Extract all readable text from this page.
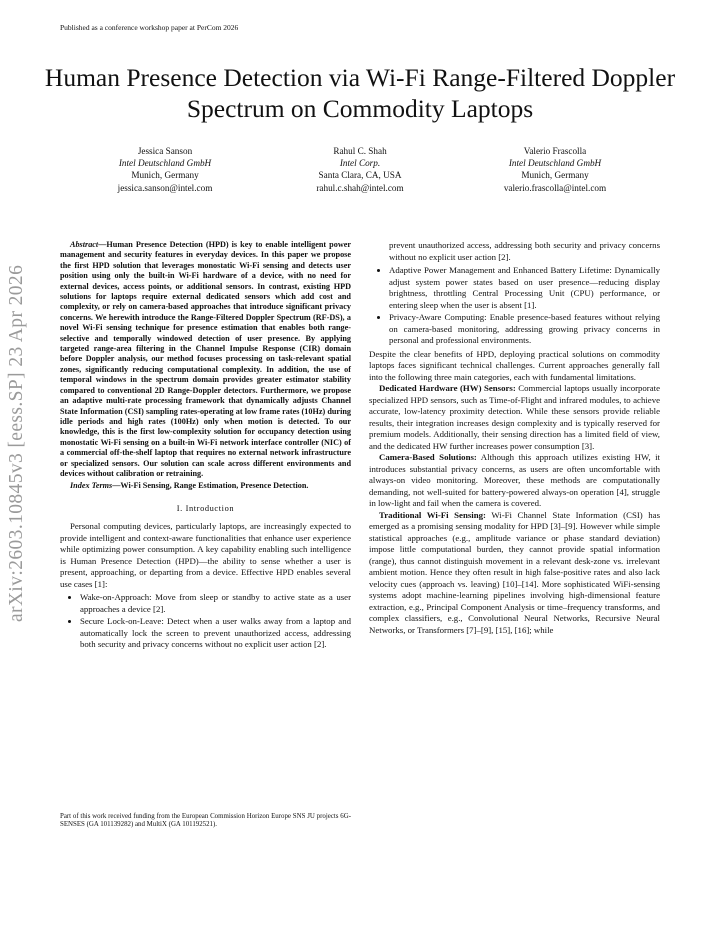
Published as a conference workshop paper at PerCom 2026
Human Presence Detection via Wi-Fi Range-Filtered Doppler Spectrum on Commodity Laptops
Jessica Sanson
Intel Deutschland GmbH
Munich, Germany
jessica.sanson@intel.com
Rahul C. Shah
Intel Corp.
Santa Clara, CA, USA
rahul.c.shah@intel.com
Valerio Frascolla
Intel Deutschland GmbH
Munich, Germany
valerio.frascolla@intel.com
arXiv:2603.10845v3 [eess.SP] 23 Apr 2026

Abstract—Human Presence Detection (HPD) is key to enable intelligent power management and security features in everyday devices. In this paper we propose the first HPD solution that leverages monostatic Wi-Fi sensing and detects user position using only the built-in Wi-Fi hardware of a device, with no need for external devices, access points, or additional sensors. In contrast, existing HPD solutions for laptops require external dedicated sensors which add cost and complexity, or rely on camera-based approaches that introduce significant privacy concerns. We herewith introduce the Range-Filtered Doppler Spectrum (RF-DS), a novel Wi-Fi sensing technique for presence estimation that enables both range-selective and temporally windowed detection of user presence. By applying targeted range-area filtering in the Channel Impulse Response (CIR) domain before Doppler analysis, our method focuses processing on task-relevant spatial zones, significantly reducing computational complexity. In addition, the use of temporal windows in the spectrum domain provides greater estimator stability compared to conventional 2D Range-Doppler detectors. Furthermore, we propose an adaptive multi-rate processing framework that dynamically adjusts Channel State Information (CSI) sampling rates-operating at low frame rates (10Hz) during idle periods and high rates (100Hz) only when motion is detected. To our knowledge, this is the first low-complexity solution for occupancy detection using monostatic Wi-Fi sensing on a built-in Wi-Fi network interface controller (NIC) of a commercial off-the-shelf laptop that requires no external network infrastructure or specialized sensors. Our solution can scale across different environments and devices without calibration or retraining.

Index Terms—Wi-Fi Sensing, Range Estimation, Presence Detection.

I. Introduction

Personal computing devices, particularly laptops, are increasingly expected to provide intelligent and context-aware functionalities that enhance user experience while optimizing power consumption. A key capability enabling such intelligence is Human Presence Detection (HPD)—the ability to sense whether a user is present, approaching, or departing from a device. Effective HPD enables several use cases [1]:

• Wake-on-Approach: Move from sleep or standby to active state as a user approaches a device [2].
• Secure Lock-on-Leave: Detect when a user walks away from a laptop and automatically lock the screen to prevent unauthorized access, addressing both security and privacy concerns without no explicit user action [2].
prevent unauthorized access, addressing both security and privacy concerns without no explicit user action [2].
• Adaptive Power Management and Enhanced Battery Lifetime: Dynamically adjust system power states based on user presence—reducing display brightness, throttling Central Processing Unit (CPU) performance, or entering sleep when the user is absent [1].
• Privacy-Aware Computing: Enable presence-based features without relying on camera-based monitoring, addressing growing privacy concerns in personal and professional environments.

Despite the clear benefits of HPD, deploying practical solutions on commodity laptops faces significant technical challenges. Current approaches generally fall into the following three main categories, each with fundamental limitations.

Dedicated Hardware (HW) Sensors: Commercial laptops usually incorporate specialized HPD sensors, such as Time-of-Flight and infrared modules, to achieve accurate, low-latency proximity detection. While these sensors provide reliable results, their integration increases design complexity and is typically reserved for premium models. Additionally, their sensing direction has a limited field of view, and the dedicated HW further increases power consumption [3].

Camera-Based Solutions: Although this approach utilizes existing HW, it introduces substantial privacy concerns, as users are often uncomfortable with always-on video monitoring. Moreover, these methods are computationally demanding, not well-suited for battery-powered always-on operation [4], struggle in low-light and fail when the camera is covered.

Traditional Wi-Fi Sensing: Wi-Fi Channel State Information (CSI) has emerged as a promising sensing modality for HPD [3]–[9]. However while simple statistical approaches (e.g., amplitude variance or phase standard deviation) impose little computational burden, they cannot provide spatial information (range), thus cannot distinguish movement in a relevant desk-zone vs. irrelevant ambient motion. Hence they often result in high false-positive rates and also lack velocity cues (approach vs. leaving) [10]–[14]. More sophisticated WiFi-sensing systems adopt machine-learning pipelines involving high-dimensional feature extraction, e.g., Principal Component Analysis or time–frequency transforms, and complex classifiers, e.g., Convolutional Neural Networks, Recursive Neural Networks, or Transformers [7]–[9], [15], [16]; while

Part of this work received funding from the European Commission Horizon Europe SNS JU projects 6G-SENSES (GA 101139282) and MultiX (GA 101192521).
